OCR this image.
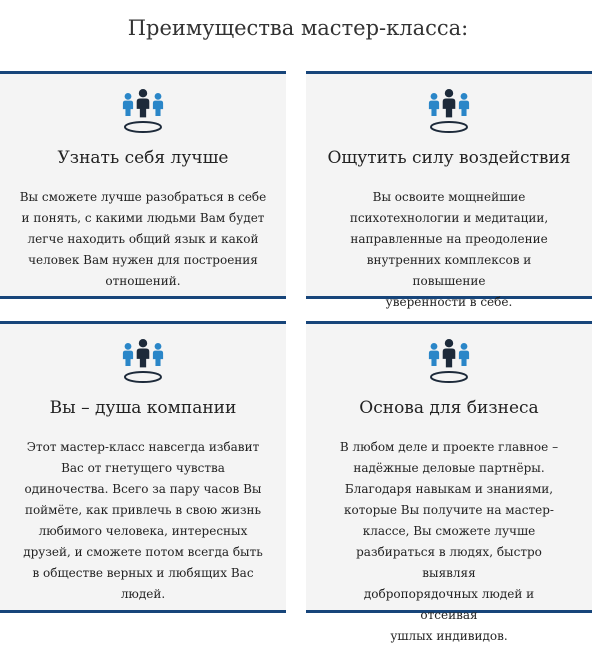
Преимущества мастер-класса:
Узнать себя лучше
Вы сможете лучше разобраться в себе
и понять, с какими людьми Вам будет
легче находить общий язык и какой
человек Вам нужен для построения
отношений.
Ощутить силу воздействия
Вы освоите мощнейшие
психотехнологии и медитации,
направленные на преодоление
внутренних комплексов и повышение
уверенности в себе.
Вы – душа компании
Этот мастер-класс навсегда избавит
Вас от гнетущего чувства
одиночества. Всего за пару часов Вы
поймёте, как привлечь в свою жизнь
любимого человека, интересных
друзей, и сможете потом всегда быть
в обществе верных и любящих Вас
людей.
Основа для бизнеса
В любом деле и проекте главное –
надёжные деловые партнёры.
Благодаря навыкам и знаниями,
которые Вы получите на мастер-
классе, Вы сможете лучше
разбираться в людях, быстро выявляя
добропорядочных людей и отсеивая
ушлых индивидов.
